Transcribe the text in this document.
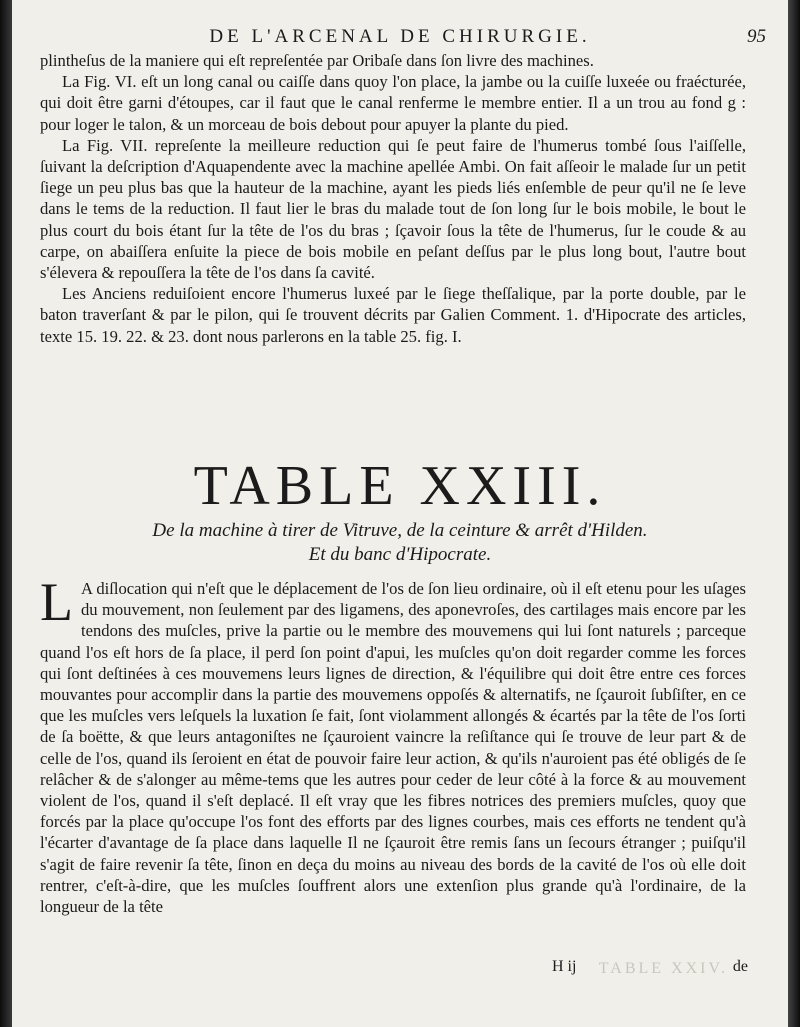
DE L'ARCENAL DE CHIRURGIE.	95

plintheſus de la maniere qui eſt repreſentée par Oribaſe dans ſon livre des machines.

La Fig. VI. eſt un long canal ou caiſſe dans quoy l'on place, la jambe ou la cuiſſe luxeée ou fraécturée, qui doit être garni d'étoupes, car il faut que le canal renferme le membre entier. Il a un trou au fond g : pour loger le talon, & un morceau de bois debout pour apuyer la plante du pied.

La Fig. VII. repreſente la meilleure reduction qui ſe peut faire de l'humerus tombé ſous l'aiſſelle, ſuivant la deſcription d'Aquapendente avec la machine apellée Ambi. On fait aſſeoir le malade ſur un petit ſiege un peu plus bas que la hauteur de la machine, ayant les pieds liés enſemble de peur qu'il ne ſe leve dans le tems de la reduction. Il faut lier le bras du malade tout de ſon long ſur le bois mobile, le bout le plus court du bois étant ſur la tête de l'os du bras ; ſçavoir ſous la tête de l'humerus, ſur le coude & au carpe, on abaiſſera enſuite la piece de bois mobile en peſant deſſus par le plus long bout, l'autre bout s'élevera & repouſſera la tête de l'os dans ſa cavité.

Les Anciens reduiſoient encore l'humerus luxeé par le ſiege theſſalique, par la porte double, par le baton traverſant & par le pilon, qui ſe trouvent décrits par Galien Comment. 1. d'Hipocrate des articles, texte 15. 19. 22. & 23. dont nous parlerons en la table 25. fig. I.

TABLE XXIII.
De la machine à tirer de Vitruve, de la ceinture & arrêt d'Hilden.
Et du banc d'Hipocrate.
L A diſlocation qui n'eſt que le déplacement de l'os de ſon lieu ordinaire, où il eſt etenu pour les uſages du mouvement, non ſeulement par des ligamens, des aponevroſes, des cartilages mais encore par les tendons des muſcles, prive la partie ou le membre des mouvemens qui lui ſont naturels ; parceque quand l'os eſt hors de ſa place, il perd ſon point d'apui, les muſcles qu'on doit regarder comme les forces qui ſont deſtinées à ces mouvemens leurs lignes de direction, & l'équilibre qui doit être entre ces forces mouvantes pour accomplir dans la partie des mouvemens oppoſés & alternatifs, ne ſçauroit ſubſiſter, en ce que les muſcles vers leſquels la luxation ſe fait, ſont violamment allongés & écartés par la tête de l'os ſorti de ſa boëtte, & que leurs antagoniſtes ne ſçauroient vaincre la reſiſtance qui ſe trouve de leur part & de celle de l'os, quand ils ſeroient en état de pouvoir faire leur action, & qu'ils n'auroient pas été obligés de ſe relâcher & de s'alonger au même-tems que les autres pour ceder de leur côté à la force & au mouvement violent de l'os, quand il s'eſt deplacé. Il eſt vray que les fibres notrices des premiers muſcles, quoy que forcés par la place qu'occupe l'os font des efforts par des lignes courbes, mais ces efforts ne tendent qu'à l'écarter d'avantage de ſa place dans laquelle Il ne ſçauroit être remis ſans un ſecours étranger ; puiſqu'il s'agit de faire revenir ſa tête, ſinon en deça du moins au niveau des bords de la cavité de l'os où elle doit rentrer, c'eſt-à-dire, que les muſcles ſouffrent alors une extenſion plus grande qu'à l'ordinaire, de la longueur de la tête

TABLE XXIV.
H ij	de
